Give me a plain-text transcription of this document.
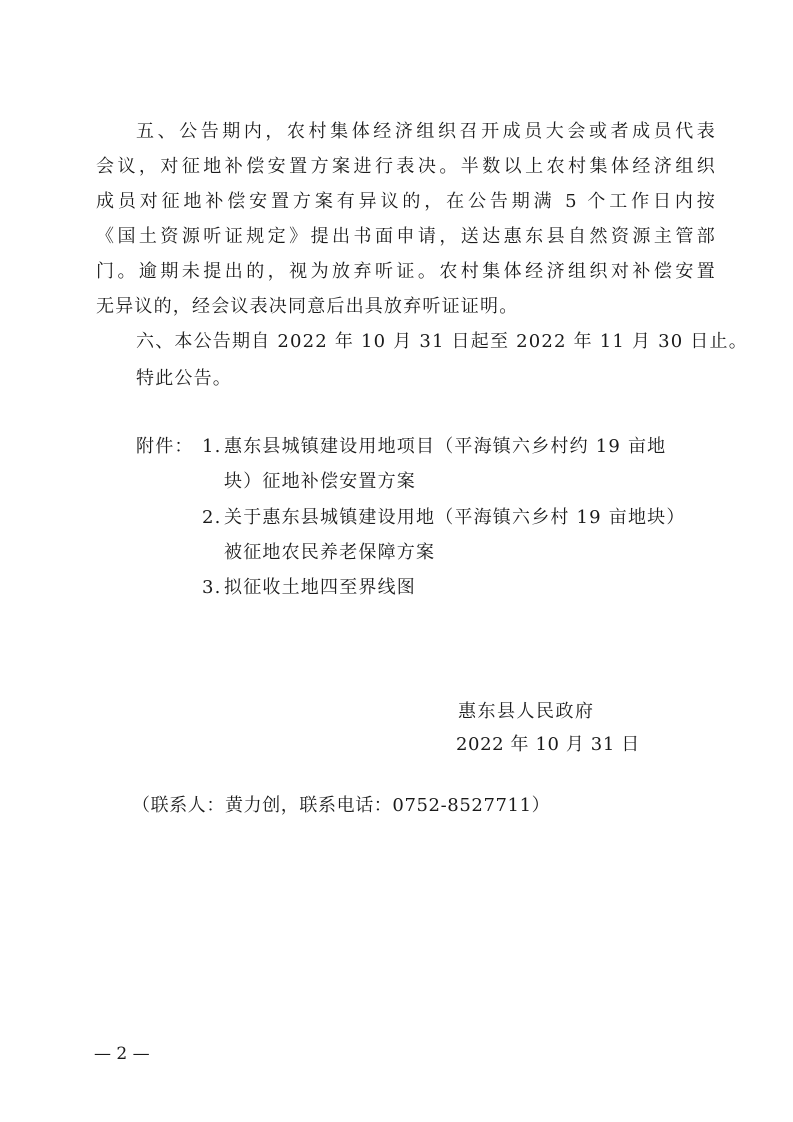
五、公告期内，农村集体经济组织召开成员大会或者成员代表
会议，对征地补偿安置方案进行表决。半数以上农村集体经济组织
成员对征地补偿安置方案有异议的，在公告期满 5 个工作日内按
《国土资源听证规定》提出书面申请，送达惠东县自然资源主管部
门。逾期未提出的，视为放弃听证。农村集体经济组织对补偿安置
无异议的，经会议表决同意后出具放弃听证证明。
六、本公告期自 2022 年 10 月 31 日起至 2022 年 11 月 30 日止。
特此公告。
附件： 1. 惠东县城镇建设用地项目（平海镇六乡村约 19 亩地
块）征地补偿安置方案
2. 关于惠东县城镇建设用地（平海镇六乡村 19 亩地块）
被征地农民养老保障方案
3. 拟征收土地四至界线图
惠东县人民政府
2022 年 10 月 31 日
（联系人：黄力创，联系电话：0752-8527711）
— 2 —
